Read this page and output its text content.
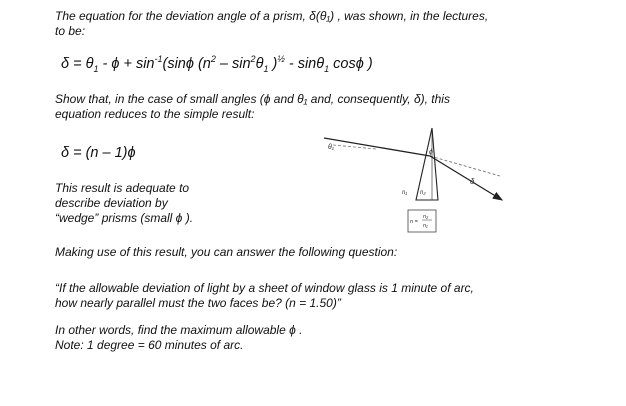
The equation for the deviation angle of a prism, δ(θ₁) , was shown, in the lectures,

to be:

$\delta = \theta_1 - \phi + \sin^{-1}(\sin\phi$ ($n^2 - \sin^2\theta_1$ )$^{\frac{1}{2}}$ - sinθ$_1$ cosϕ )

Show that, in the case of small angles (ϕ and θ₁ and, consequently, δ), this

equation reduces to the simple result:

δ = (n – 1)ϕ

This result is adequate to

describe deviation by

“wedge” prisms (small ϕ ).

θ₁
ϕ
δ
n₁ n₂
n =
n₂
n₁

Making use of this result, you can answer the following question:

“If the allowable deviation of light by a sheet of window glass is 1 minute of arc,

how nearly parallel must the two faces be? (n = 1.50)”

In other words, find the maximum allowable ϕ .

Note: 1 degree = 60 minutes of arc.
